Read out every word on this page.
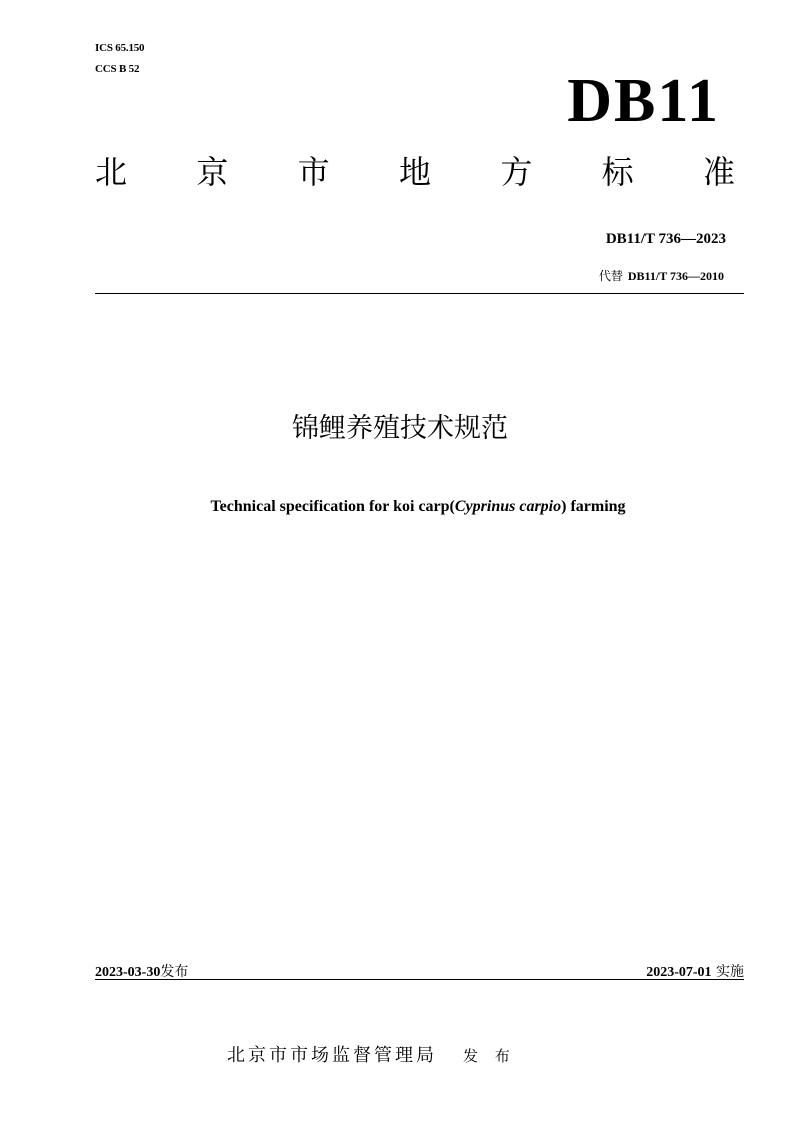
ICS 65.150
CCS B 52	DB11
北 京 市 地 方 标 准
DB11/T 736—2023
代替 DB11/T 736—2010
锦鲤养殖技术规范
Technical specification for koi carp(Cyprinus carpio) farming
2023-03-30发布	2023-07-01 实施
北京市市场监督管理局 发 布
